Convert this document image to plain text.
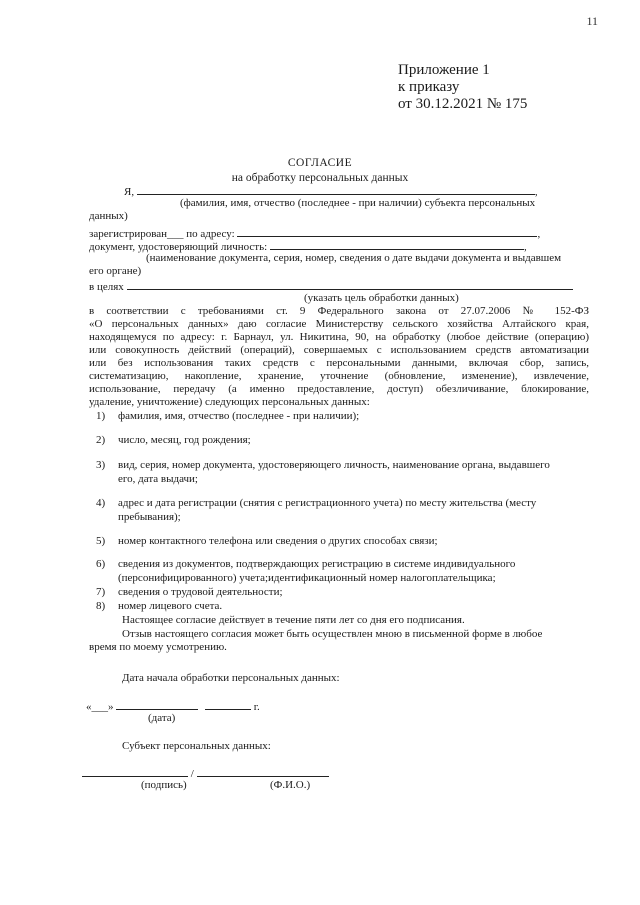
11
Приложение 1
к приказу
от 30.12.2021 № 175
СОГЛАСИЕ
на обработку персональных данных
Я,	,
(фамилия, имя, отчество (последнее - при наличии) субъекта персональных
данных)
зарегистрирован___ по адресу:	,
документ, удостоверяющий личность:	,
(наименование документа, серия, номер, сведения о дате выдачи документа и выдавшем
его органе)
в целях
(указать цель обработки данных)
в соответствии с требованиями ст. 9 Федерального закона от 27.07.2006 № 152-ФЗ
«О персональных данных» даю согласие Министерству сельского хозяйства Алтайского края,
находящемуся по адресу: г. Барнаул, ул. Никитина, 90, на обработку (любое действие (операцию)
или совокупность действий (операций), совершаемых с использованием средств автоматизации
или без использования таких средств с персональными данными, включая сбор, запись,
систематизацию, накопление, хранение, уточнение (обновление, изменение), извлечение,
использование, передачу (а именно предоставление, доступ) обезличивание, блокирование,
удаление, уничтожение) следующих персональных данных:
1)	фамилия, имя, отчество (последнее - при наличии);
2)	число, месяц, год рождения;
3)	вид, серия, номер документа, удостоверяющего личность, наименование органа, выдавшего
его, дата выдачи;
4)	адрес и дата регистрации (снятия с регистрационного учета) по месту жительства (месту
пребывания);
5)	номер контактного телефона или сведения о других способах связи;
6)	сведения из документов, подтверждающих регистрацию в системе индивидуального
(персонифицированного) учета;идентификационный номер налогоплательщика;
7)	сведения о трудовой деятельности;
8)	номер лицевого счета.
Настоящее согласие действует в течение пяти лет со дня его подписания.
Отзыв настоящего согласия может быть осуществлен мною в письменной форме в любое
время по моему усмотрению.
Дата начала обработки персональных данных:
«___»	г.
(дата)
Субъект персональных данных:
/
(подпись)	(Ф.И.О.)
